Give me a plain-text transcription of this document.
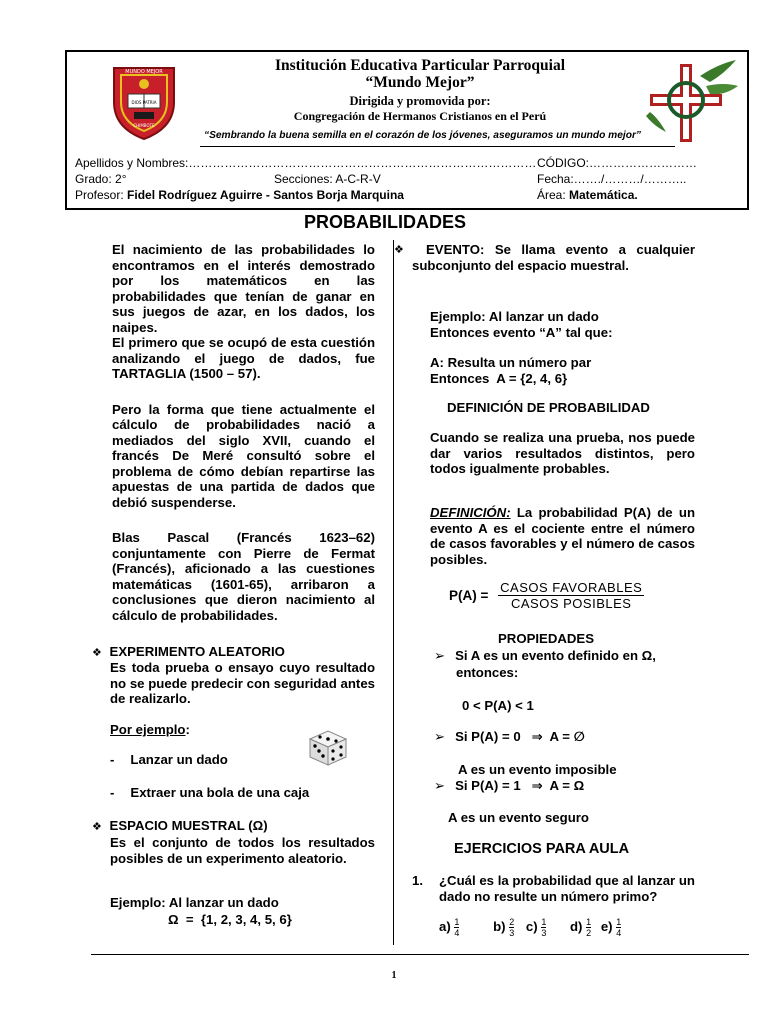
MUNDO MEJOR
DIOS PATRIA
CHIMBOTE
Institución Educativa Particular Parroquial
“Mundo Mejor”
Dirigida y promovida por:
Congregación de Hermanos Cristianos en el Perú
“Sembrando la buena semilla en el corazón de los jóvenes, aseguramos un mundo mejor”
Apellidos y Nombres:…………………………………………………………………………… CÓDIGO:………………………
Grado: 2°	Secciones: A-C-R-V	Fecha:……./………/………..
Profesor: Fidel Rodríguez Aguirre - Santos Borja Marquina	Área: Matemática.
PROBABILIDADES

El nacimiento de las probabilidades lo encontramos en el interés demostrado por los matemáticos en las probabilidades que tenían de ganar en sus juegos de azar, en los dados, los naipes.

El primero que se ocupó de esta cuestión analizando el juego de dados, fue TARTAGLIA (1500 – 57).

Pero la forma que tiene actualmente el cálculo de probabilidades nació a mediados del siglo XVII, cuando el francés De Meré consultó sobre el problema de cómo debían repartirse las apuestas de una partida de dados que debió suspenderse.

Blas Pascal (Francés 1623–62) conjuntamente con Pierre de Fermat (Francés), aficionado a las cuestiones matemáticas (1601-65), arribaron a conclusiones que dieron nacimiento al cálculo de probabilidades.

❖ EXPERIMENTO ALEATORIO
Es toda prueba o ensayo cuyo resultado no se puede predecir con seguridad antes de realizarlo.
Por ejemplo:
- Lanzar un dado
- Extraer una bola de una caja
❖ ESPACIO MUESTRAL (Ω)
Es el conjunto de todos los resultados posibles de un experimento aleatorio.
Ejemplo: Al lanzar un dado
Ω  =  {1, 2, 3, 4, 5, 6}
❖ EVENTO: Se llama evento a cualquier subconjunto del espacio muestral.
Ejemplo: Al lanzar un dado
Entonces evento “A” tal que:
A: Resulta un número par
Entonces  A = {2, 4, 6}
DEFINICIÓN DE PROBABILIDAD
Cuando se realiza una prueba, nos puede dar varios resultados distintos, pero todos igualmente probables.
DEFINICIÓN: La probabilidad P(A) de un evento A es el cociente entre el número de casos favorables y el número de casos posibles.
$P(A) = \frac{\text{CASOS FAVORABLES}}{\text{CASOS POSIBLES}}$
PROPIEDADES
➢ Si A es un evento definido en Ω,
entonces:
0 < P(A) < 1
➢ Si P(A) = 0   ⇒  A = ∅
A es un evento imposible
➢ Si P(A) = 1   ⇒  A = Ω
A es un evento seguro
EJERCICIOS PARA AULA
1. ¿Cuál es la probabilidad que al lanzar un dado no resulte un número primo?
$a) \frac{1}{4}$	$b) \frac{2}{3} c) \frac{1}{3} d) \frac{1}{2} e) \frac{1}{4}$
1
